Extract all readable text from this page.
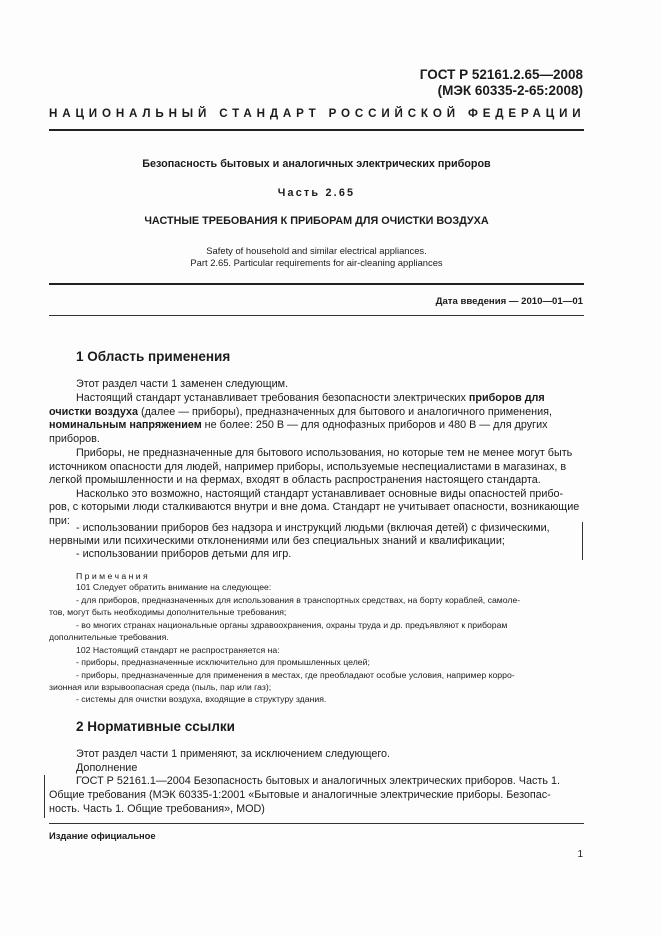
ГОСТ Р 52161.2.65—2008
(МЭК 60335-2-65:2008)
НАЦИОНАЛЬНЫЙ СТАНДАРТ РОССИЙСКОЙ ФЕДЕРАЦИИ
Безопасность бытовых и аналогичных электрических приборов
Часть 2.65
ЧАСТНЫЕ ТРЕБОВАНИЯ К ПРИБОРАМ ДЛЯ ОЧИСТКИ ВОЗДУХА
Safety of household and similar electrical appliances.
Part 2.65. Particular requirements for air-cleaning appliances
Дата введения — 2010—01—01
1 Область применения
Этот раздел части 1 заменен следующим.
Настоящий стандарт устанавливает требования безопасности электрических приборов для
очистки воздуха (далее — приборы), предназначенных для бытового и аналогичного применения,
номинальным напряжением не более: 250 В — для однофазных приборов и 480 В — для других
приборов.
Приборы, не предназначенные для бытового использования, но которые тем не менее могут быть
источником опасности для людей, например приборы, используемые неспециалистами в магазинах, в
легкой промышленности и на фермах, входят в область распространения настоящего стандарта.
Насколько это возможно, настоящий стандарт устанавливает основные виды опасностей прибо-
ров, с которыми люди сталкиваются внутри и вне дома. Стандарт не учитывает опасности, возникающие
при:
- использовании приборов без надзора и инструкций людьми (включая детей) с физическими,
нервными или психическими отклонениями или без специальных знаний и квалификации;
- использовании приборов детьми для игр.
Примечания
101 Следует обратить внимание на следующее:
- для приборов, предназначенных для использования в транспортных средствах, на борту кораблей, самоле-
тов, могут быть необходимы дополнительные требования;
- во многих странах национальные органы здравоохранения, охраны труда и др. предъявляют к приборам
дополнительные требования.
102 Настоящий стандарт не распространяется на:
- приборы, предназначенные исключительно для промышленных целей;
- приборы, предназначенные для применения в местах, где преобладают особые условия, например корро-
зионная или взрывоопасная среда (пыль, пар или газ);
- системы для очистки воздуха, входящие в структуру здания.
2 Нормативные ссылки
Этот раздел части 1 применяют, за исключением следующего.
Дополнение
ГОСТ Р 52161.1—2004 Безопасность бытовых и аналогичных электрических приборов. Часть 1.
Общие требования (МЭК 60335-1:2001 «Бытовые и аналогичные электрические приборы. Безопас-
ность. Часть 1. Общие требования», MOD)
Издание официальное
1
